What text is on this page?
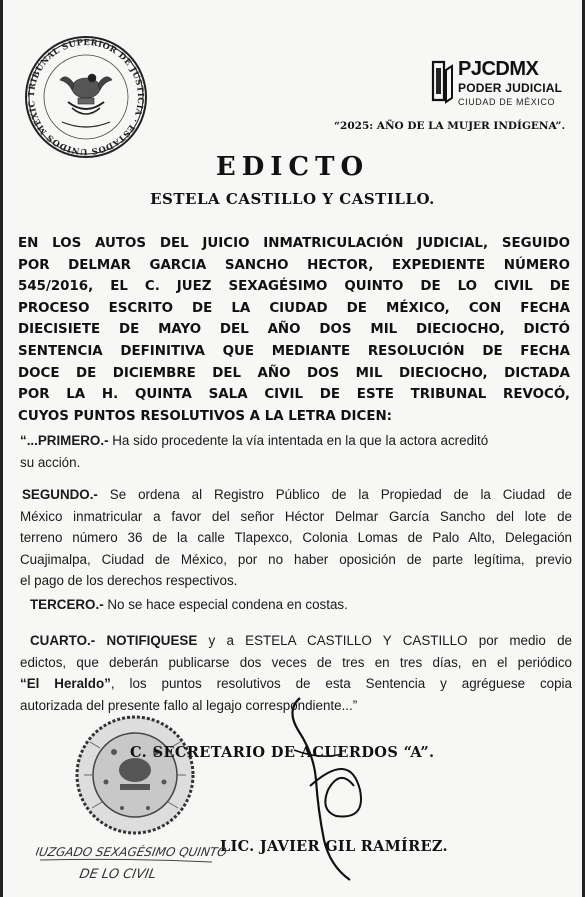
TRIBUNAL SUPERIOR DE JUSTICIA · ESTADOS UNIDOS MEXIC
PJCDMX
PODER JUDICIAL
CIUDAD DE MÉXICO
“2025: AÑO DE LA MUJER INDÍGENA”.
EDICTO
ESTELA CASTILLO Y CASTILLO.
EN LOS AUTOS DEL JUICIO INMATRICULACIÓN JUDICIAL, SEGUIDO
POR DELMAR GARCIA SANCHO HECTOR, EXPEDIENTE NÚMERO
545/2016, EL C. JUEZ SEXAGÉSIMO QUINTO DE LO CIVIL DE
PROCESO ESCRITO DE LA CIUDAD DE MÉXICO, CON FECHA
DIECISIETE DE MAYO DEL AÑO DOS MIL DIECIOCHO, DICTÓ
SENTENCIA DEFINITIVA QUE MEDIANTE RESOLUCIÓN DE FECHA
DOCE DE DICIEMBRE DEL AÑO DOS MIL DIECIOCHO, DICTADA
POR LA H. QUINTA SALA CIVIL DE ESTE TRIBUNAL REVOCÓ,
CUYOS PUNTOS RESOLUTIVOS A LA LETRA DICEN:
“...PRIMERO.- Ha sido procedente la vía intentada en la que la actora acreditó
su acción.
SEGUNDO.- Se ordena al Registro Público de la Propiedad de la Ciudad de
México inmatricular a favor del señor Héctor Delmar García Sancho del lote de
terreno número 36 de la calle Tlapexco, Colonia Lomas de Palo Alto, Delegación
Cuajimalpa, Ciudad de México, por no haber oposición de parte legítima, previo
el pago de los derechos respectivos.
TERCERO.- No se hace especial condena en costas.
CUARTO.- NOTIFIQUESE y a ESTELA CASTILLO Y CASTILLO por medio de
edictos, que deberán publicarse dos veces de tres en tres días, en el periódico
“El Heraldo”, los puntos resolutivos de esta Sentencia y agréguese copia
autorizada del presente fallo al legajo correspondiente...”
C. SECRETARIO DE ACUERDOS “A”.
LIC. JAVIER GIL RAMÍREZ.
JUZGADO SEXAGÉSIMO QUINTO
DE LO CIVIL
